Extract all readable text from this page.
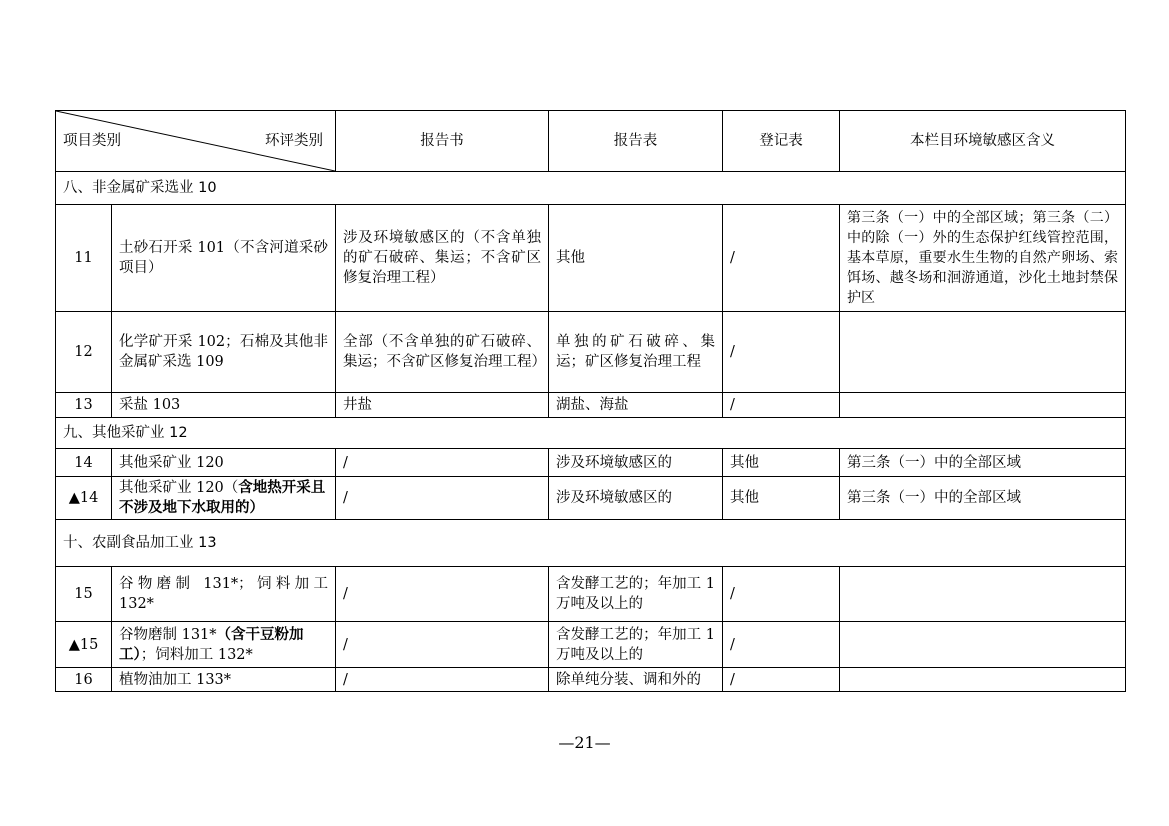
项目类别 环评类别		报告书	报告表	登记表	本栏目环境敏感区含义
八、非金属矿采选业 10					
11	土砂石开采 101（不含河道采砂项目）	涉及环境敏感区的（不含单独的矿石破碎、集运；不含矿区修复治理工程）	其他	/	第三条（一）中的全部区域；第三条（二）中的除（一）外的生态保护红线管控范围，基本草原，重要水生生物的自然产卵场、索饵场、越冬场和洄游通道，沙化土地封禁保护区
12	化学矿开采 102；石棉及其他非金属矿采选 109	全部（不含单独的矿石破碎、集运；不含矿区修复治理工程）	单独的矿石破碎、集运；矿区修复治理工程	/	
13	采盐 103	井盐	湖盐、海盐	/	
九、其他采矿业 12					
14	其他采矿业 120	/	涉及环境敏感区的	其他	第三条（一）中的全部区域
▲14	其他采矿业 120（含地热开采且不涉及地下水取用的）	/	涉及环境敏感区的	其他	第三条（一）中的全部区域
十、农副食品加工业 13					
15	谷物磨制 131*；饲料加工 132*	/	含发酵工艺的；年加工 1 万吨及以上的	/	
▲15	谷物磨制 131*（含干豆粉加工）；饲料加工 132*	/	含发酵工艺的；年加工 1 万吨及以上的	/	
16	植物油加工 133*	/	除单纯分装、调和外的	/	
—21—
